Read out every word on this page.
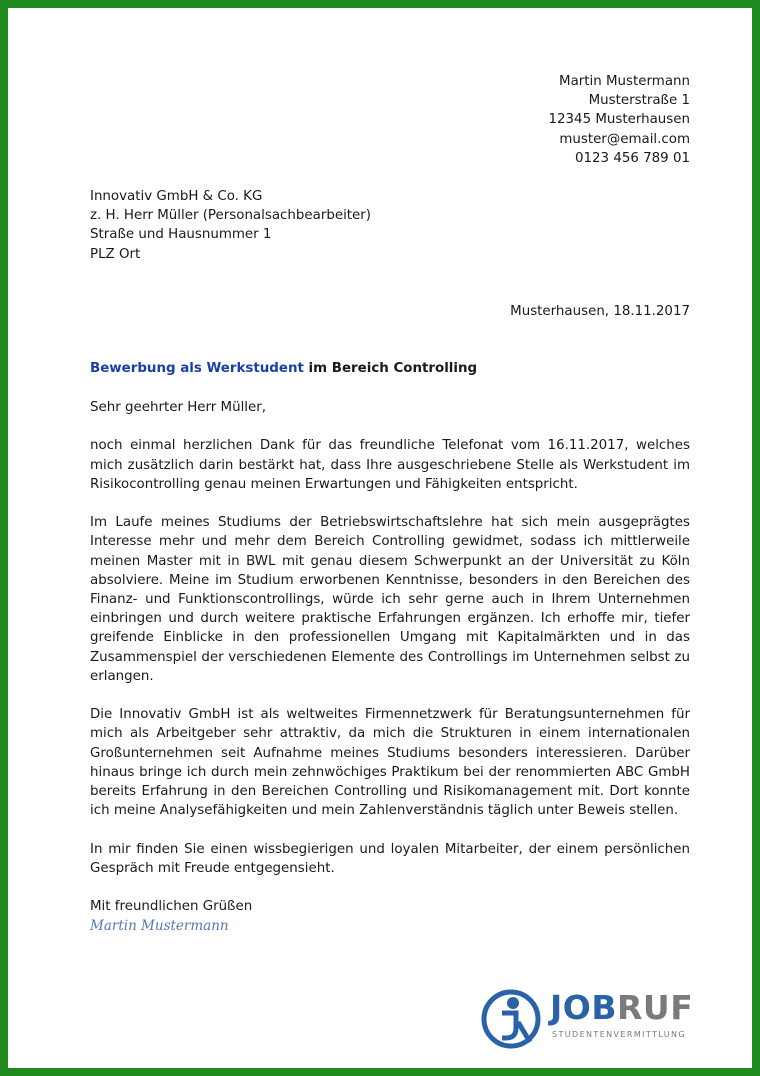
Martin Mustermann
Musterstraße 1
12345 Musterhausen
muster@email.com
0123 456 789 01
Innovativ GmbH & Co. KG
z. H. Herr Müller (Personalsachbearbeiter)
Straße und Hausnummer 1
PLZ Ort
Musterhausen, 18.11.2017
Bewerbung als Werkstudent im Bereich Controlling

Sehr geehrter Herr Müller,

noch einmal herzlichen Dank für das freundliche Telefonat vom 16.11.2017, welches mich zusätzlich darin bestärkt hat, dass Ihre ausgeschriebene Stelle als Werkstudent im Risikocontrolling genau meinen Erwartungen und Fähigkeiten entspricht.

Im Laufe meines Studiums der Betriebswirtschaftslehre hat sich mein ausgeprägtes Interesse mehr und mehr dem Bereich Controlling gewidmet, sodass ich mittlerweile meinen Master mit in BWL mit genau diesem Schwerpunkt an der Universität zu Köln absolviere. Meine im Studium erworbenen Kenntnisse, besonders in den Bereichen des Finanz- und Funktionscontrollings, würde ich sehr gerne auch in Ihrem Unternehmen einbringen und durch weitere praktische Erfahrungen ergänzen. Ich erhoffe mir, tiefer greifende Einblicke in den professionellen Umgang mit Kapitalmärkten und in das Zusammenspiel der verschiedenen Elemente des Controllings im Unternehmen selbst zu erlangen.

Die Innovativ GmbH ist als weltweites Firmennetzwerk für Beratungsunternehmen für mich als Arbeitgeber sehr attraktiv, da mich die Strukturen in einem internationalen Großunternehmen seit Aufnahme meines Studiums besonders interessieren. Darüber hinaus bringe ich durch mein zehnwöchiges Praktikum bei der renommierten ABC GmbH bereits Erfahrung in den Bereichen Controlling und Risikomanagement mit. Dort konnte ich meine Analysefähigkeiten und mein Zahlenverständnis täglich unter Beweis stellen.

In mir finden Sie einen wissbegierigen und loyalen Mitarbeiter, der einem persönlichen Gespräch mit Freude entgegensieht.

Mit freundlichen Grüßen
Martin Mustermann
JOBRUF
STUDENTENVERMITTLUNG
